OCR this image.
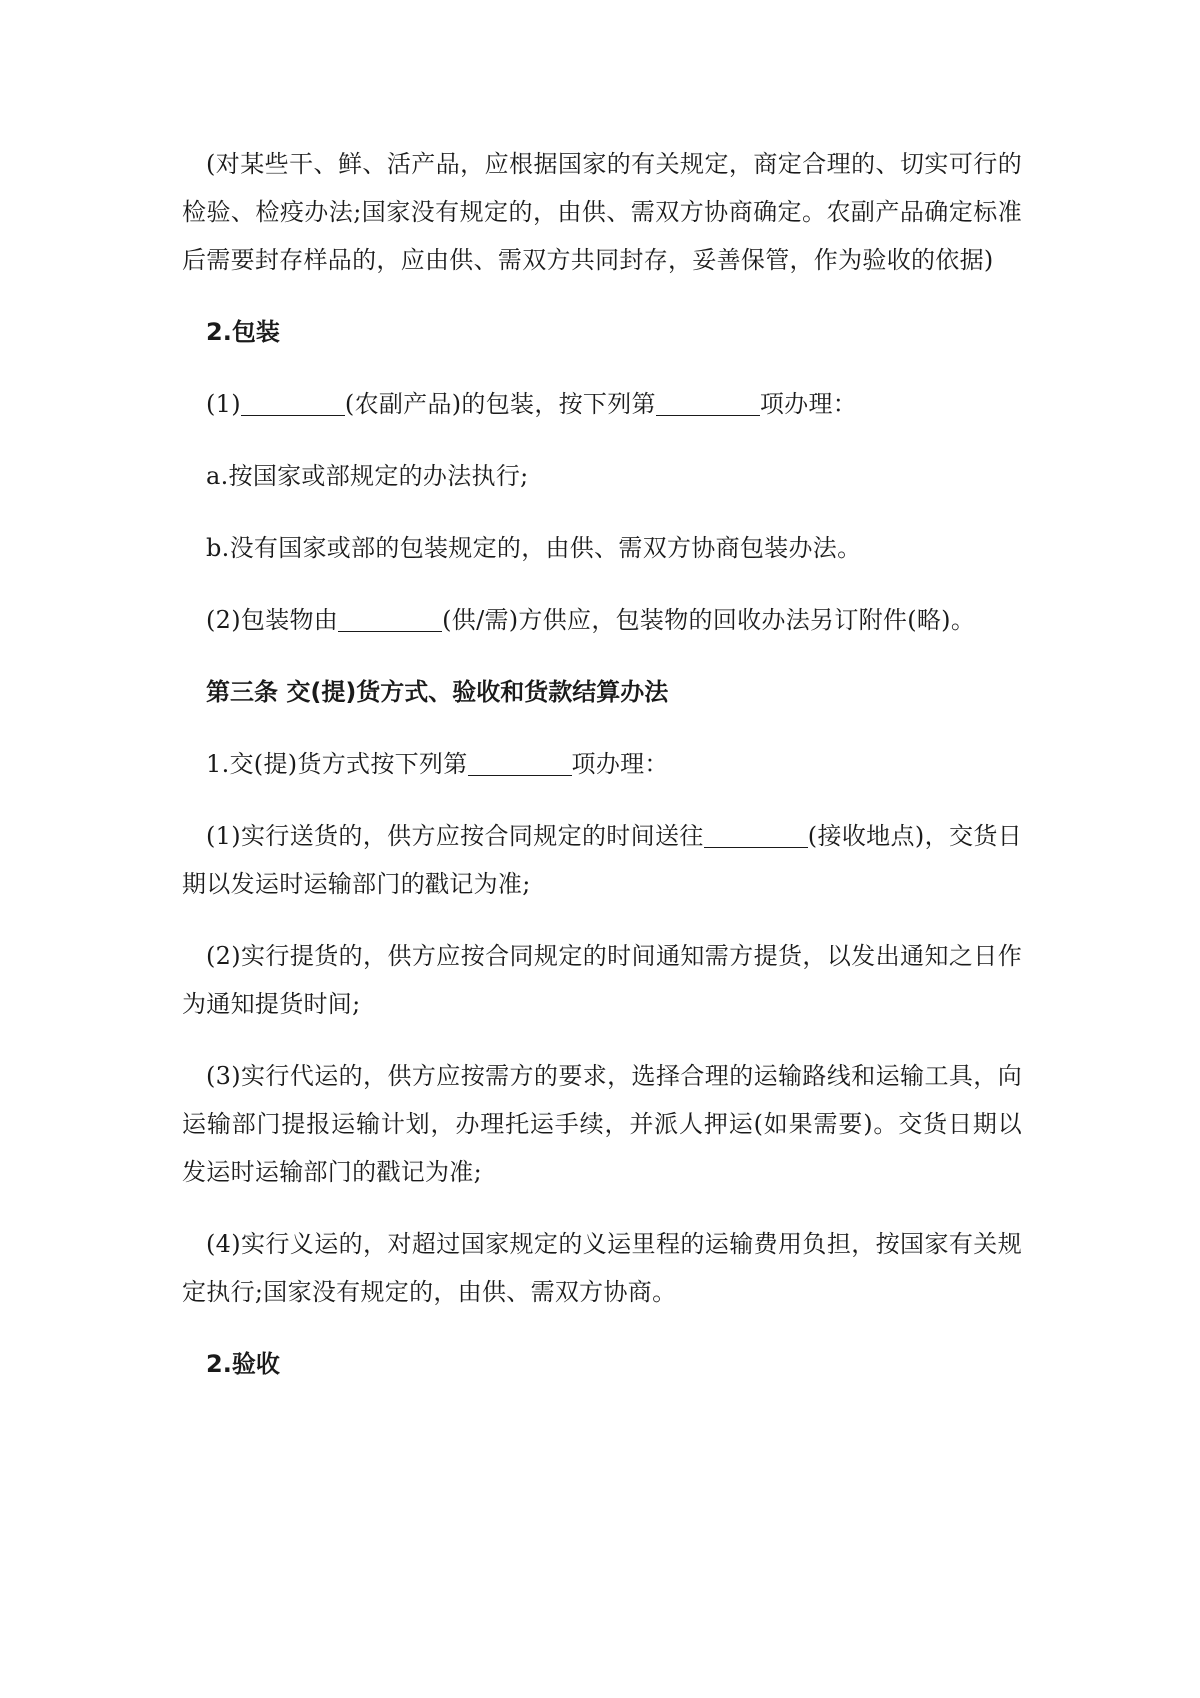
(对某些干、鲜、活产品，应根据国家的有关规定，商定合理的、切实可行的检验、检疫办法;国家没有规定的，由供、需双方协商确定。农副产品确定标准后需要封存样品的，应由供、需双方共同封存，妥善保管，作为验收的依据)

2.包装

(1)	(农副产品)的包装，按下列第	项办理：

a.按国家或部规定的办法执行;

b.没有国家或部的包装规定的，由供、需双方协商包装办法。

(2)包装物由	(供/需)方供应，包装物的回收办法另订附件(略)。

第三条 交(提)货方式、验收和货款结算办法

1.交(提)货方式按下列第	项办理：

(1)实行送货的，供方应按合同规定的时间送往	(接收地点)，交货日期以发运时运输部门的戳记为准;

(2)实行提货的，供方应按合同规定的时间通知需方提货，以发出通知之日作为通知提货时间;

(3)实行代运的，供方应按需方的要求，选择合理的运输路线和运输工具，向运输部门提报运输计划，办理托运手续，并派人押运(如果需要)。交货日期以发运时运输部门的戳记为准;

(4)实行义运的，对超过国家规定的义运里程的运输费用负担，按国家有关规定执行;国家没有规定的，由供、需双方协商。

2.验收
